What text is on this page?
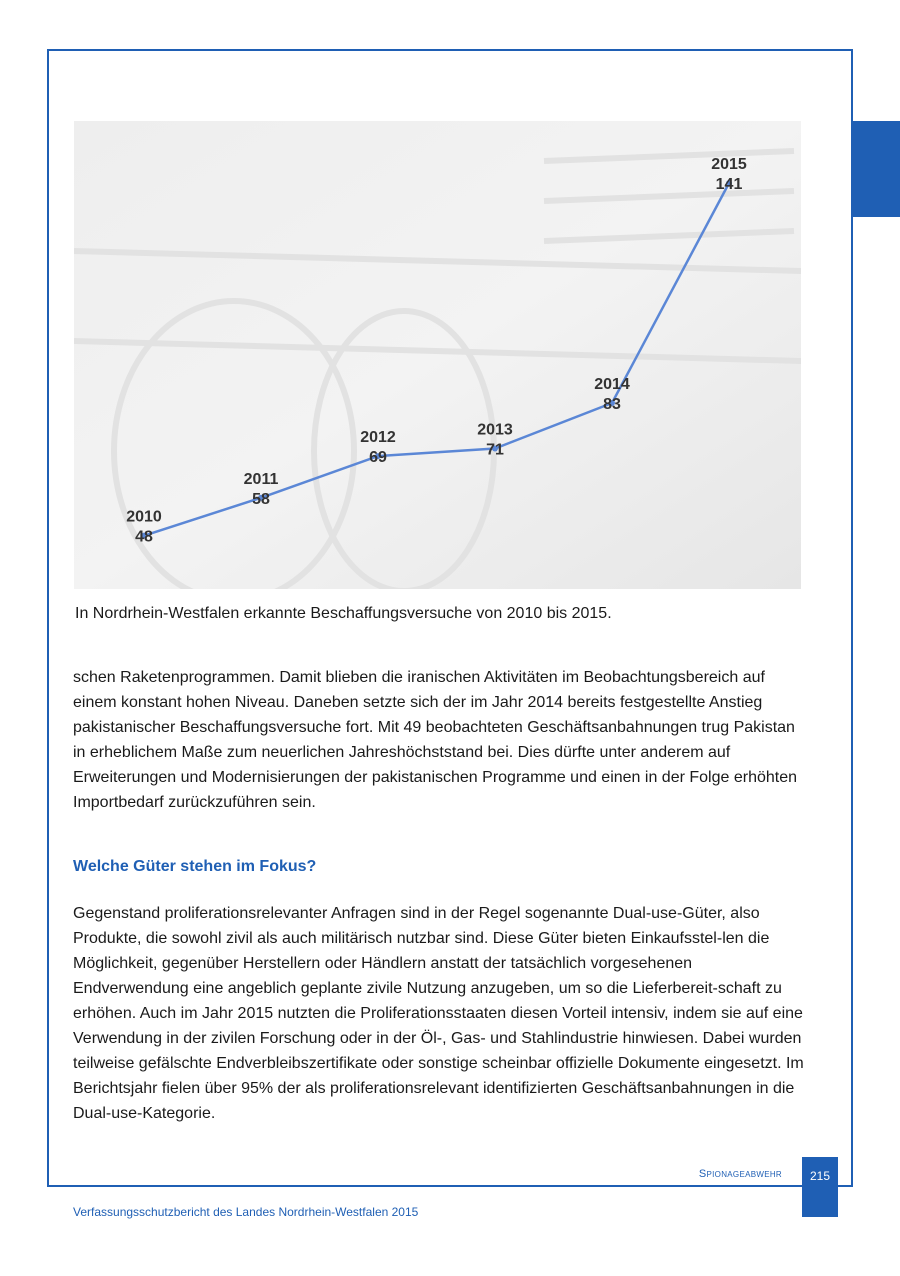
2010
48
2011
58
2012
69
2013
71
2014
83
2015
141
In Nordrhein-Westfalen erkannte Beschaffungsversuche von 2010 bis 2015.

schen Raketenprogrammen. Damit blieben die iranischen Aktivitäten im Beobachtungsbereich auf einem konstant hohen Niveau. Daneben setzte sich der im Jahr 2014 bereits festgestellte Anstieg pakistanischer Beschaffungsversuche fort. Mit 49 beobachteten Geschäftsanbahnungen trug Pakistan in erheblichem Maße zum neuerlichen Jahreshöchststand bei. Dies dürfte unter anderem auf Erweiterungen und Modernisierungen der pakistanischen Programme und einen in der Folge erhöhten Importbedarf zurückzuführen sein.

Welche Güter stehen im Fokus?

Gegenstand proliferationsrelevanter Anfragen sind in der Regel sogenannte Dual-use-Güter, also Produkte, die sowohl zivil als auch militärisch nutzbar sind. Diese Güter bieten Einkaufsstel-len die Möglichkeit, gegenüber Herstellern oder Händlern anstatt der tatsächlich vorgesehenen Endverwendung eine angeblich geplante zivile Nutzung anzugeben, um so die Lieferbereit-schaft zu erhöhen. Auch im Jahr 2015 nutzten die Proliferationsstaaten diesen Vorteil intensiv, indem sie auf eine Verwendung in der zivilen Forschung oder in der Öl-, Gas- und Stahlindustrie hinwiesen. Dabei wurden teilweise gefälschte Endverbleibszertifikate oder sonstige scheinbar offizielle Dokumente eingesetzt. Im Berichtsjahr fielen über 95% der als proliferationsrelevant identifizierten Geschäftsanbahnungen in die Dual-use-Kategorie.

Spionageabwehr	215
Verfassungsschutzbericht des Landes Nordrhein-Westfalen 2015
